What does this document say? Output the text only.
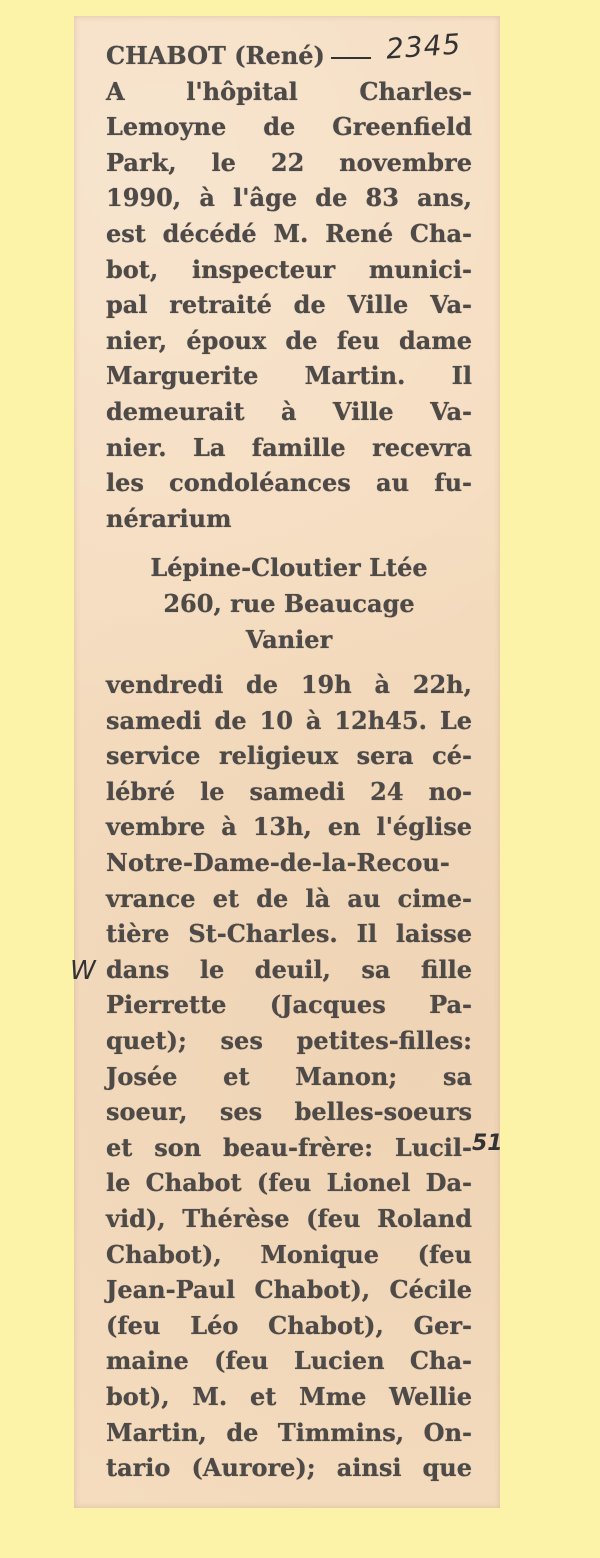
CHABOT (René)
A l'hôpital Charles-
Lemoyne de Greenfield
Park, le 22 novembre
1990, à l'âge de 83 ans,
est décédé M. René Cha-
bot, inspecteur munici-
pal retraité de Ville Va-
nier, époux de feu dame
Marguerite Martin. Il
demeurait à Ville Va-
nier. La famille recevra
les condoléances au fu-
nérarium
Lépine-Cloutier Ltée
260, rue Beaucage
Vanier
vendredi de 19h à 22h,
samedi de 10 à 12h45. Le
service religieux sera cé-
lébré le samedi 24 no-
vembre à 13h, en l'église
Notre-Dame-de-la-Recou-
vrance et de là au cime-
tière St-Charles. Il laisse
dans le deuil, sa fille
Pierrette (Jacques Pa-
quet); ses petites-filles:
Josée et Manon; sa
soeur, ses belles-soeurs
et son beau-frère: Lucil-
le Chabot (feu Lionel Da-
vid), Thérèse (feu Roland
Chabot), Monique (feu
Jean-Paul Chabot), Cécile
(feu Léo Chabot), Ger-
maine (feu Lucien Cha-
bot), M. et Mme Wellie
Martin, de Timmins, On-
tario (Aurore); ainsi que
2345
W
51
